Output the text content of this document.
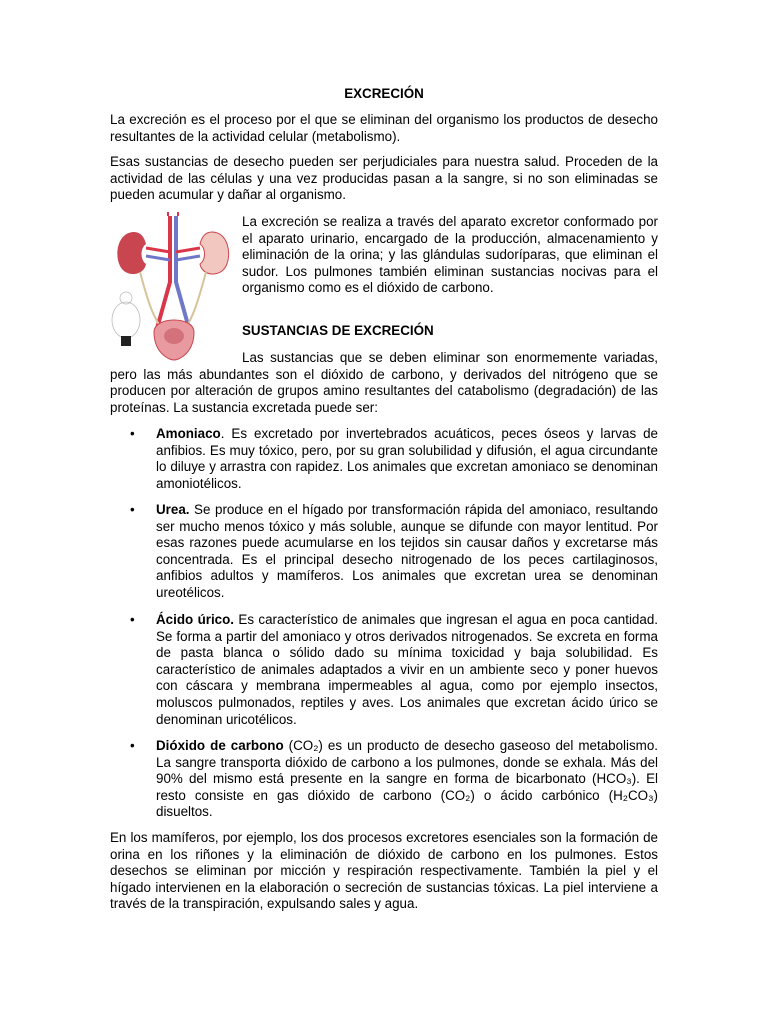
EXCRECIÓN

La excreción es el proceso por el que se eliminan del organismo los productos de desecho resultantes de la actividad celular (metabolismo).

Esas sustancias de desecho pueden ser perjudiciales para nuestra salud. Proceden de la actividad de las células y una vez producidas pasan a la sangre, si no son eliminadas se pueden acumular y dañar al organismo.

La excreción se realiza a través del aparato excretor conformado por el aparato urinario, encargado de la producción, almacenamiento y eliminación de la orina; y las glándulas sudoríparas, que eliminan el sudor. Los pulmones también eliminan sustancias nocivas para el organismo como es el dióxido de carbono.

SUSTANCIAS DE EXCRECIÓN

Las sustancias que se deben eliminar son enormemente variadas, pero las más abundantes son el dióxido de carbono, y derivados del nitrógeno que se producen por alteración de grupos amino resultantes del catabolismo (degradación) de las proteínas. La sustancia excretada puede ser:

• Amoniaco. Es excretado por invertebrados acuáticos, peces óseos y larvas de anfibios. Es muy tóxico, pero, por su gran solubilidad y difusión, el agua circundante lo diluye y arrastra con rapidez. Los animales que excretan amoniaco se denominan amoniotélicos.
• Urea. Se produce en el hígado por transformación rápida del amoniaco, resultando ser mucho menos tóxico y más soluble, aunque se difunde con mayor lentitud. Por esas razones puede acumularse en los tejidos sin causar daños y excretarse más concentrada. Es el principal desecho nitrogenado de los peces cartilaginosos, anfibios adultos y mamíferos. Los animales que excretan urea se denominan ureotélicos.
• Ácido úrico. Es característico de animales que ingresan el agua en poca cantidad. Se forma a partir del amoniaco y otros derivados nitrogenados. Se excreta en forma de pasta blanca o sólido dado su mínima toxicidad y baja solubilidad. Es característico de animales adaptados a vivir en un ambiente seco y poner huevos con cáscara y membrana impermeables al agua, como por ejemplo insectos, moluscos pulmonados, reptiles y aves. Los animales que excretan ácido úrico se denominan uricotélicos.
• Dióxido de carbono (CO₂) es un producto de desecho gaseoso del metabolismo. La sangre transporta dióxido de carbono a los pulmones, donde se exhala. Más del 90% del mismo está presente en la sangre en forma de bicarbonato (HCO₃). El resto consiste en gas dióxido de carbono (CO₂) o ácido carbónico (H₂CO₃) disueltos.

En los mamíferos, por ejemplo, los dos procesos excretores esenciales son la formación de orina en los riñones y la eliminación de dióxido de carbono en los pulmones. Estos desechos se eliminan por micción y respiración respectivamente. También la piel y el hígado intervienen en la elaboración o secreción de sustancias tóxicas. La piel interviene a través de la transpiración, expulsando sales y agua.
